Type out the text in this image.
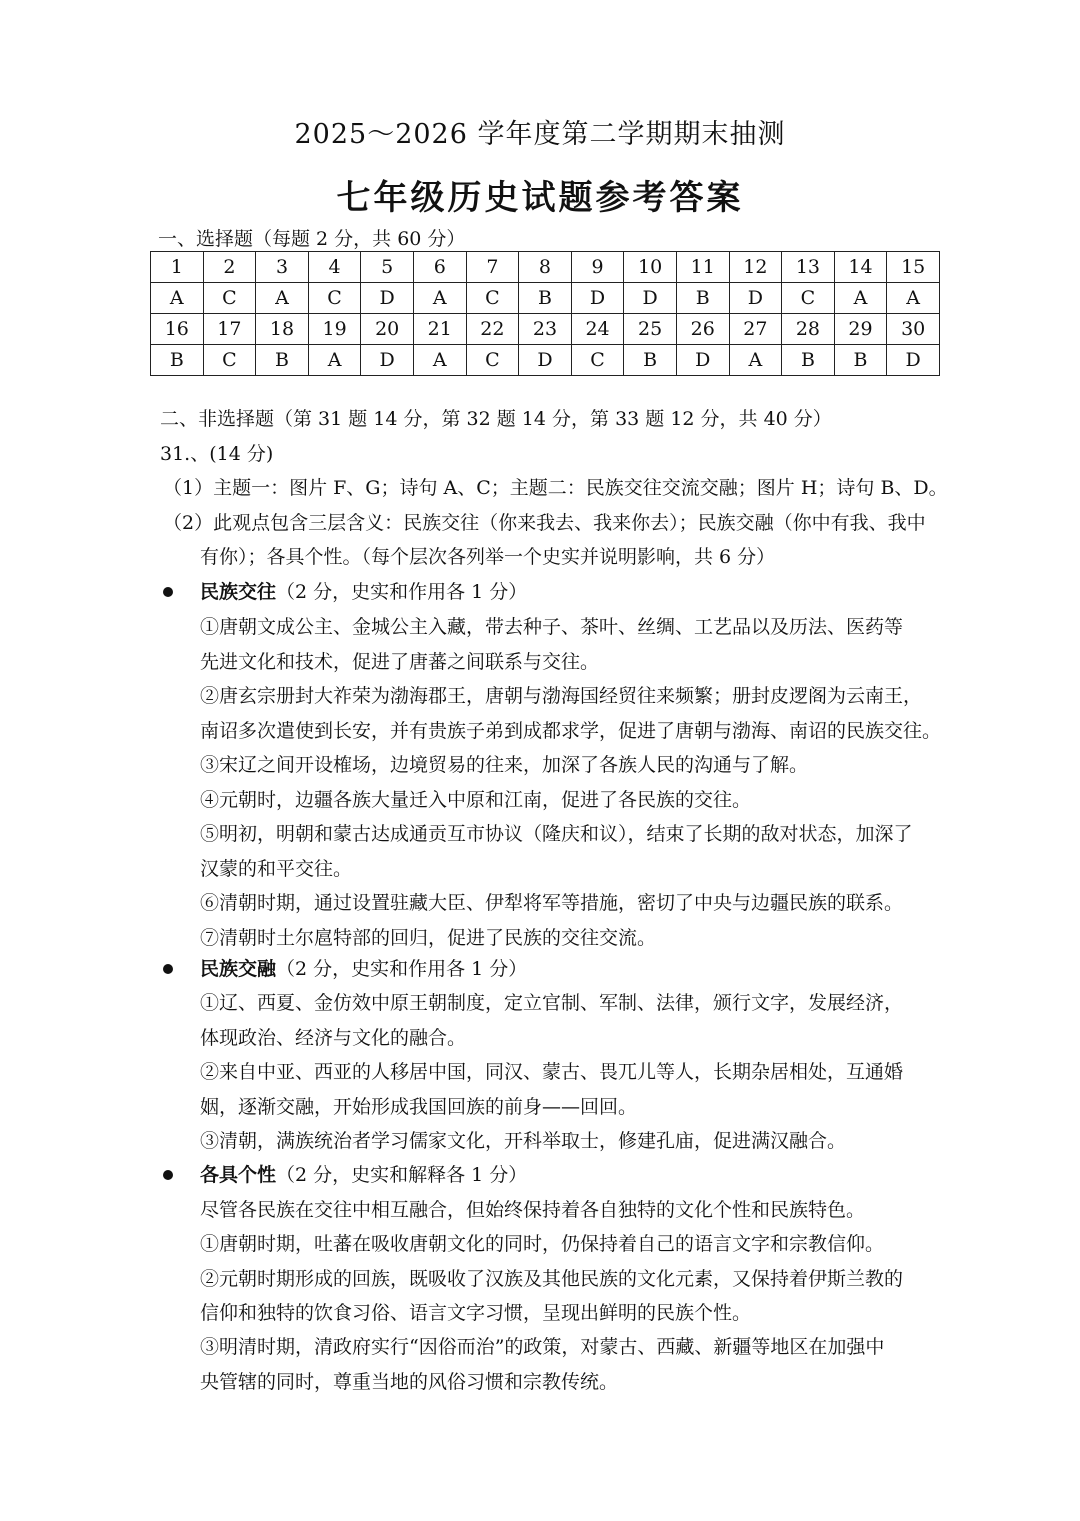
2025～2026 学年度第二学期期末抽测
七年级历史试题参考答案
一、选择题（每题 2 分，共 60 分）
1	2	3	4	5	6	7	8	9	10	11	12	13	14	15
A	C	A	C	D	A	C	B	D	D	B	D	C	A	A
16	17	18	19	20	21	22	23	24	25	26	27	28	29	30
B	C	B	A	D	A	C	D	C	B	D	A	B	B	D
二、非选择题（第 31 题 14 分，第 32 题 14 分，第 33 题 12 分，共 40 分）
31.、(14 分)
（1）主题一：图片 F、G；诗句 A、C；主题二：民族交往交流交融；图片 H；诗句 B、D。
（2）此观点包含三层含义：民族交往（你来我去、我来你去）；民族交融（你中有我、我中
有你）；各具个性。（每个层次各列举一个史实并说明影响，共 6 分）
民族交往（2 分，史实和作用各 1 分）
①唐朝文成公主、金城公主入藏，带去种子、茶叶、丝绸、工艺品以及历法、医药等
先进文化和技术，促进了唐蕃之间联系与交往。
②唐玄宗册封大祚荣为渤海郡王，唐朝与渤海国经贸往来频繁；册封皮逻阁为云南王，
南诏多次遣使到长安，并有贵族子弟到成都求学，促进了唐朝与渤海、南诏的民族交往。
③宋辽之间开设榷场，边境贸易的往来，加深了各族人民的沟通与了解。
④元朝时，边疆各族大量迁入中原和江南，促进了各民族的交往。
⑤明初，明朝和蒙古达成通贡互市协议（隆庆和议），结束了长期的敌对状态，加深了
汉蒙的和平交往。
⑥清朝时期，通过设置驻藏大臣、伊犁将军等措施，密切了中央与边疆民族的联系。
⑦清朝时土尔扈特部的回归，促进了民族的交往交流。
民族交融（2 分，史实和作用各 1 分）
①辽、西夏、金仿效中原王朝制度，定立官制、军制、法律，颁行文字，发展经济，
体现政治、经济与文化的融合。
②来自中亚、西亚的人移居中国，同汉、蒙古、畏兀儿等人，长期杂居相处，互通婚
姻，逐渐交融，开始形成我国回族的前身——回回。
③清朝，满族统治者学习儒家文化，开科举取士，修建孔庙，促进满汉融合。
各具个性（2 分，史实和解释各 1 分）
尽管各民族在交往中相互融合，但始终保持着各自独特的文化个性和民族特色。
①唐朝时期，吐蕃在吸收唐朝文化的同时，仍保持着自己的语言文字和宗教信仰。
②元朝时期形成的回族，既吸收了汉族及其他民族的文化元素，又保持着伊斯兰教的
信仰和独特的饮食习俗、语言文字习惯，呈现出鲜明的民族个性。
③明清时期，清政府实行“因俗而治”的政策，对蒙古、西藏、新疆等地区在加强中
央管辖的同时，尊重当地的风俗习惯和宗教传统。
